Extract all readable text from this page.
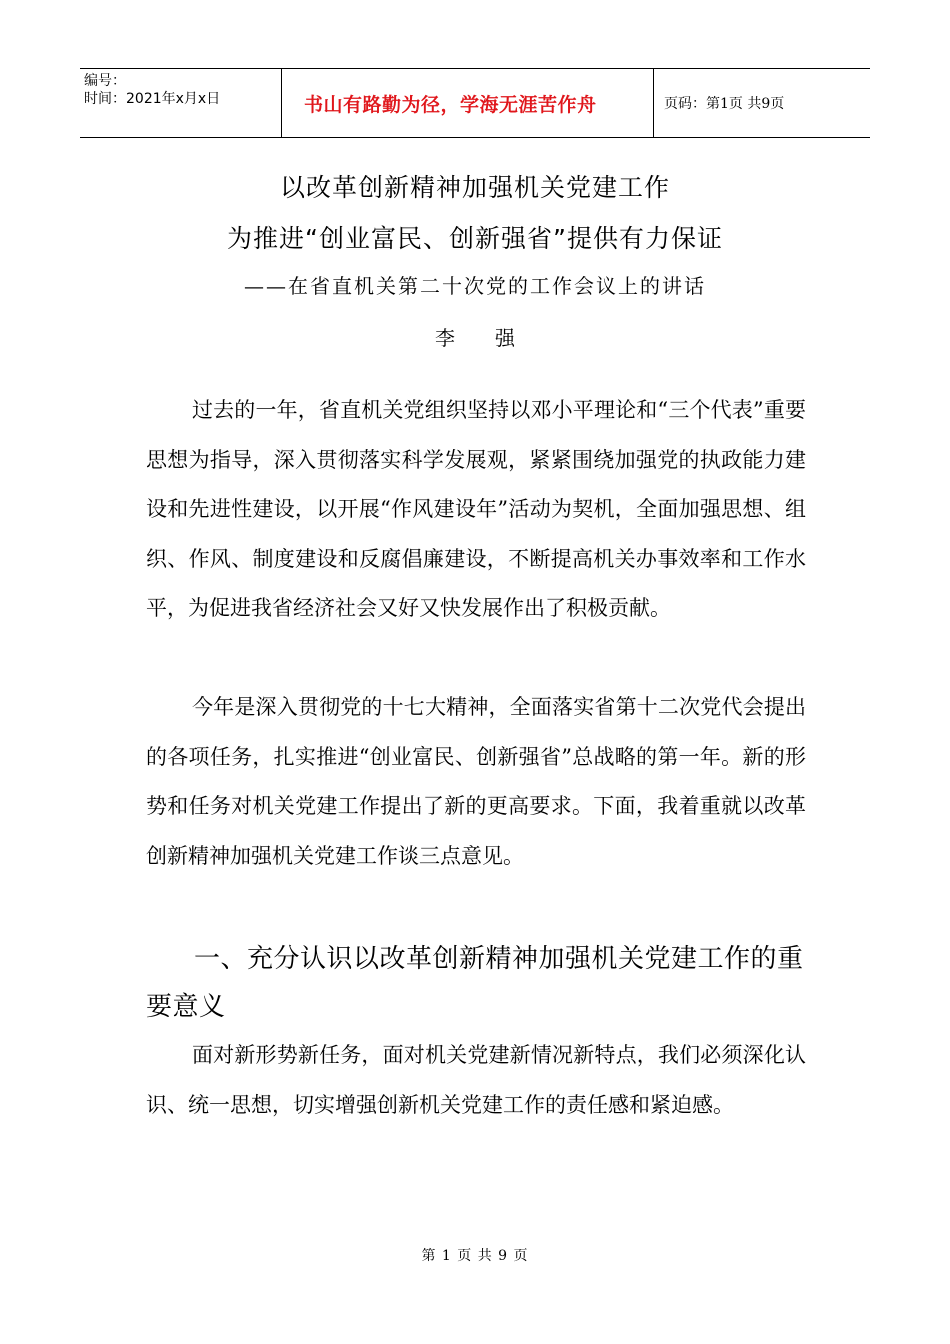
编号：
时间：2021年x月x日	书山有路勤为径，学海无涯苦作舟	页码：第1页 共9页
以改革创新精神加强机关党建工作
为推进“创业富民、创新强省”提供有力保证
——在省直机关第二十次党的工作会议上的讲话
李强

过去的一年，省直机关党组织坚持以邓小平理论和“三个代表”重要思想为指导，深入贯彻落实科学发展观，紧紧围绕加强党的执政能力建设和先进性建设，以开展“作风建设年”活动为契机，全面加强思想、组织、作风、制度建设和反腐倡廉建设，不断提高机关办事效率和工作水平，为促进我省经济社会又好又快发展作出了积极贡献。

今年是深入贯彻党的十七大精神，全面落实省第十二次党代会提出的各项任务，扎实推进“创业富民、创新强省”总战略的第一年。新的形势和任务对机关党建工作提出了新的更高要求。下面，我着重就以改革创新精神加强机关党建工作谈三点意见。

一、充分认识以改革创新精神加强机关党建工作的重要意义

面对新形势新任务，面对机关党建新情况新特点，我们必须深化认识、统一思想，切实增强创新机关党建工作的责任感和紧迫感。

第 1 页 共 9 页
